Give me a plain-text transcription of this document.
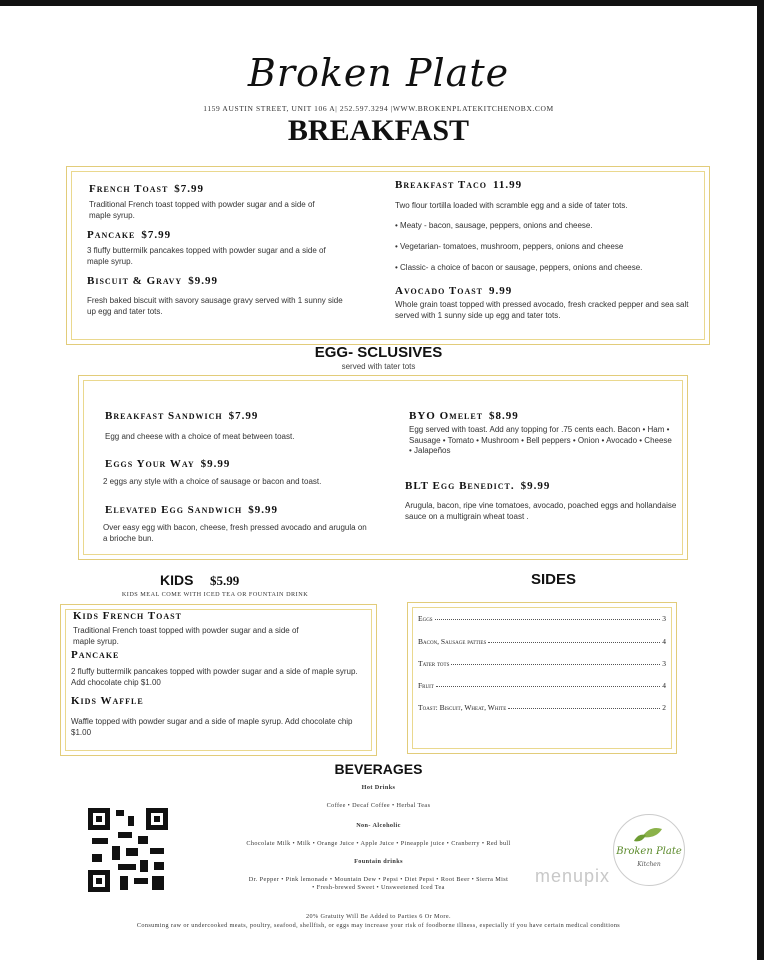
Broken Plate
1159 AUSTIN STREET, UNIT 106 A| 252.597.3294 |WWW.BROKENPLATEKITCHENOBX.COM
BREAKFAST
French Toast $7.99
Traditional French toast topped with powder sugar and a side of maple syrup.
Pancake $7.99
3 fluffy buttermilk pancakes topped with powder sugar and a side of maple syrup.
Biscuit & Gravy $9.99
Fresh baked biscuit with savory sausage gravy served with 1 sunny side up egg and tater tots.
Breakfast Taco 11.99
Two flour tortilla loaded with scramble egg and a side of tater tots.
• Meaty - bacon, sausage, peppers, onions and cheese.
• Vegetarian- tomatoes, mushroom, peppers, onions and cheese
• Classic- a choice of bacon or sausage, peppers, onions and cheese.
Avocado Toast 9.99
Whole grain toast topped with pressed avocado, fresh cracked pepper and sea salt served with 1 sunny side up egg and tater tots.
EGG- SCLUSIVES
served with tater tots
Breakfast Sandwich $7.99
Egg and cheese with a choice of meat between toast.
Eggs Your Way $9.99
2 eggs any style with a choice of sausage or bacon and toast.
Elevated Egg Sandwich $9.99
Over easy egg with bacon, cheese, fresh pressed avocado and arugula on a brioche bun.
BYO Omelet $8.99
Egg served with toast. Add any topping for .75 cents each. Bacon • Ham • Sausage • Tomato • Mushroom • Bell peppers • Onion • Avocado • Cheese • Jalapeños
BLT Egg Benedict. $9.99
Arugula, bacon, ripe vine tomatoes, avocado, poached eggs and hollandaise sauce on a multigrain wheat toast .
KIDS $5.99
KIDS MEAL COME WITH ICED TEA OR FOUNTAIN DRINK
Kids French Toast
Traditional French toast topped with powder sugar and a side of maple syrup.
Pancake
2 fluffy buttermilk pancakes topped with powder sugar and a side of maple syrup. Add chocolate chip $1.00
Kids Waffle
Waffle topped with powder sugar and a side of maple syrup. Add chocolate chip $1.00
SIDES
Eggs	3
Bacon, Sausage patties	4
Tater tots	3
Fruit	4
Toast: Biscuit, Wheat, White	2
BEVERAGES
Hot Drinks
Coffee • Decaf Coffee • Herbal Teas
Non- Alcoholic
Chocolate Milk • Milk • Orange Juice • Apple Juice • Pineapple juice • Cranberry • Red bull
Fountain drinks
Dr. Pepper • Pink lemonade • Mountain Dew • Pepsi • Diet Pepsi • Root Beer • Sierra Mist
• Fresh-brewed Sweet • Unsweetened Iced Tea
20% Gratuity Will Be Added to Parties 6 Or More.
Consuming raw or undercooked meats, poultry, seafood, shellfish, or eggs may increase your risk of foodborne illness, especially if you have certain medical conditions
Broken Plate
Kitchen
menupix
